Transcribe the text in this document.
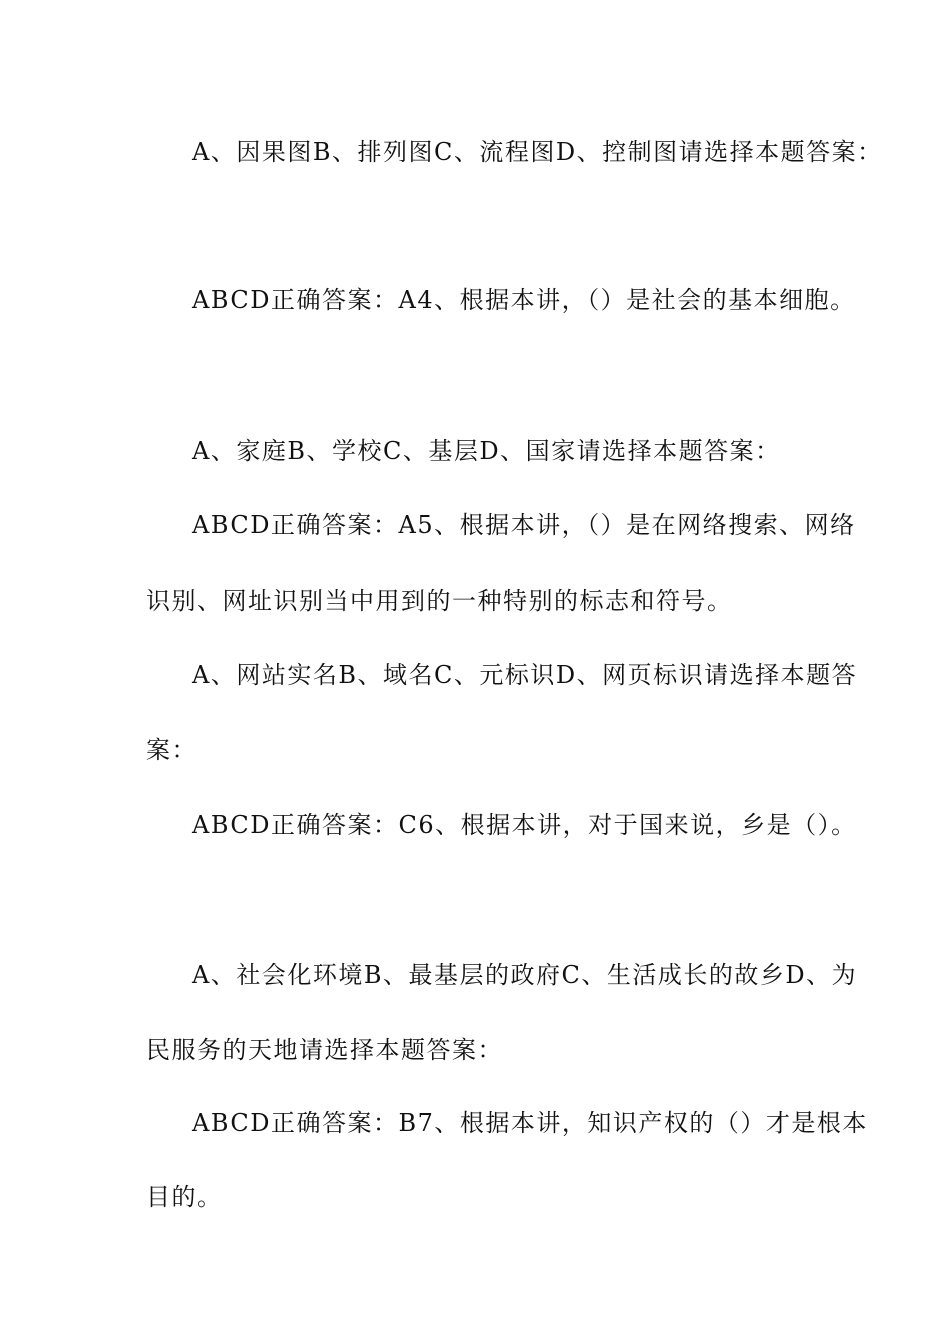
A、因果图B、排列图C、流程图D、控制图请选择本题答案：
ABCD正确答案：A4、根据本讲，（）是社会的基本细胞。
A、家庭B、学校C、基层D、国家请选择本题答案：
ABCD正确答案：A5、根据本讲，（）是在网络搜索、网络
识别、网址识别当中用到的一种特别的标志和符号。
A、网站实名B、域名C、元标识D、网页标识请选择本题答
案：
ABCD正确答案：C6、根据本讲，对于国来说，乡是（）。
A、社会化环境B、最基层的政府C、生活成长的故乡D、为
民服务的天地请选择本题答案：
ABCD正确答案：B7、根据本讲，知识产权的（）才是根本
目的。
